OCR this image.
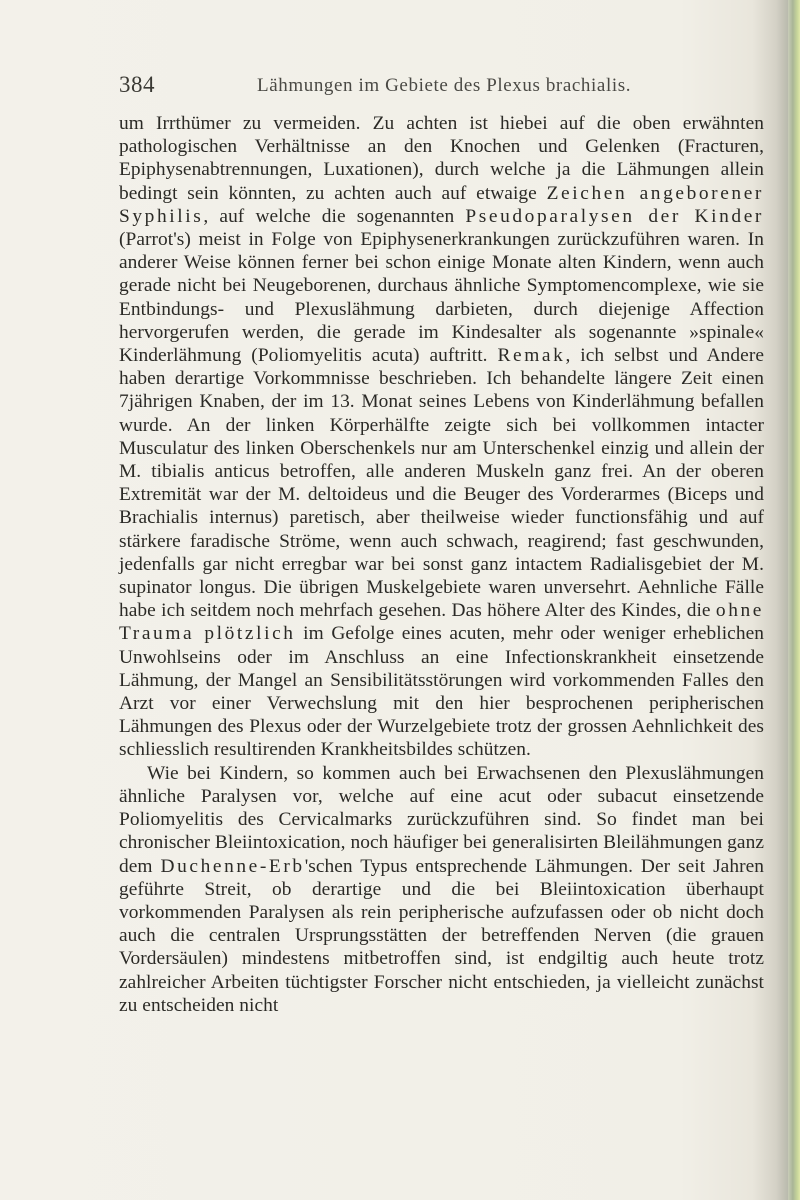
384	Lähmungen im Gebiete des Plexus brachialis.

um Irrthümer zu vermeiden. Zu achten ist hiebei auf die oben erwähnten pathologischen Verhältnisse an den Knochen und Gelenken (Fracturen, Epiphysenabtrennungen, Luxationen), durch welche ja die Lähmungen allein bedingt sein könnten, zu achten auch auf etwaige Zeichen angeborener Syphilis, auf welche die sogenannten Pseudoparalysen der Kinder (Parrot's) meist in Folge von Epiphysenerkrankungen zurückzuführen waren. In anderer Weise können ferner bei schon einige Monate alten Kindern, wenn auch gerade nicht bei Neugeborenen, durchaus ähnliche Symptomencomplexe, wie sie Entbindungs- und Plexuslähmung darbieten, durch diejenige Affection hervorgerufen werden, die gerade im Kindesalter als sogenannte »spinale« Kinderlähmung (Poliomyelitis acuta) auftritt. Remak, ich selbst und Andere haben derartige Vorkommnisse beschrieben. Ich behandelte längere Zeit einen 7jährigen Knaben, der im 13. Monat seines Lebens von Kinderlähmung befallen wurde. An der linken Körperhälfte zeigte sich bei vollkommen intacter Musculatur des linken Oberschenkels nur am Unterschenkel einzig und allein der M. tibialis anticus betroffen, alle anderen Muskeln ganz frei. An der oberen Extremität war der M. deltoideus und die Beuger des Vorderarmes (Biceps und Brachialis internus) paretisch, aber theilweise wieder functionsfähig und auf stärkere faradische Ströme, wenn auch schwach, reagirend; fast geschwunden, jedenfalls gar nicht erregbar war bei sonst ganz intactem Radialisgebiet der M. supinator longus. Die übrigen Muskelgebiete waren unversehrt. Aehnliche Fälle habe ich seitdem noch mehrfach gesehen. Das höhere Alter des Kindes, die ohne Trauma plötzlich im Gefolge eines acuten, mehr oder weniger erheblichen Unwohlseins oder im Anschluss an eine Infectionskrankheit einsetzende Lähmung, der Mangel an Sensibilitätsstörungen wird vorkommenden Falles den Arzt vor einer Verwechslung mit den hier besprochenen peripherischen Lähmungen des Plexus oder der Wurzelgebiete trotz der grossen Aehnlichkeit des schliesslich resultirenden Krankheitsbildes schützen.

Wie bei Kindern, so kommen auch bei Erwachsenen den Plexuslähmungen ähnliche Paralysen vor, welche auf eine acut oder subacut einsetzende Poliomyelitis des Cervicalmarks zurückzuführen sind. So findet man bei chronischer Bleiintoxication, noch häufiger bei generalisirten Bleilähmungen ganz dem Duchenne-Erb'schen Typus entsprechende Lähmungen. Der seit Jahren geführte Streit, ob derartige und die bei Bleiintoxication überhaupt vorkommenden Paralysen als rein peripherische aufzufassen oder ob nicht doch auch die centralen Ursprungsstätten der betreffenden Nerven (die grauen Vordersäulen) mindestens mitbetroffen sind, ist endgiltig auch heute trotz zahlreicher Arbeiten tüchtigster Forscher nicht entschieden, ja vielleicht zunächst zu entscheiden nicht
